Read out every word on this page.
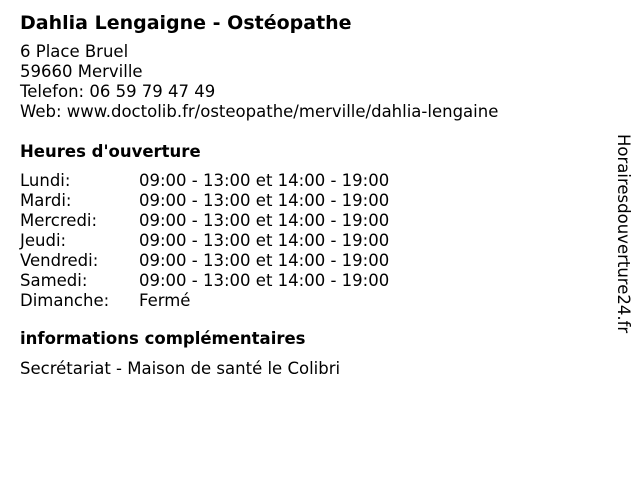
Dahlia Lengaigne - Ostéopathe
6 Place Bruel
59660 Merville
Telefon: 06 59 79 47 49
Web: www.doctolib.fr/osteopathe/merville/dahlia-lengaine
Heures d'ouverture
Lundi:	09:00 - 13:00 et 14:00 - 19:00
Mardi:	09:00 - 13:00 et 14:00 - 19:00
Mercredi:	09:00 - 13:00 et 14:00 - 19:00
Jeudi:	09:00 - 13:00 et 14:00 - 19:00
Vendredi:	09:00 - 13:00 et 14:00 - 19:00
Samedi:	09:00 - 13:00 et 14:00 - 19:00
Dimanche:	Fermé
informations complémentaires
Secrétariat - Maison de santé le Colibri
Horairesdouverture24.fr
